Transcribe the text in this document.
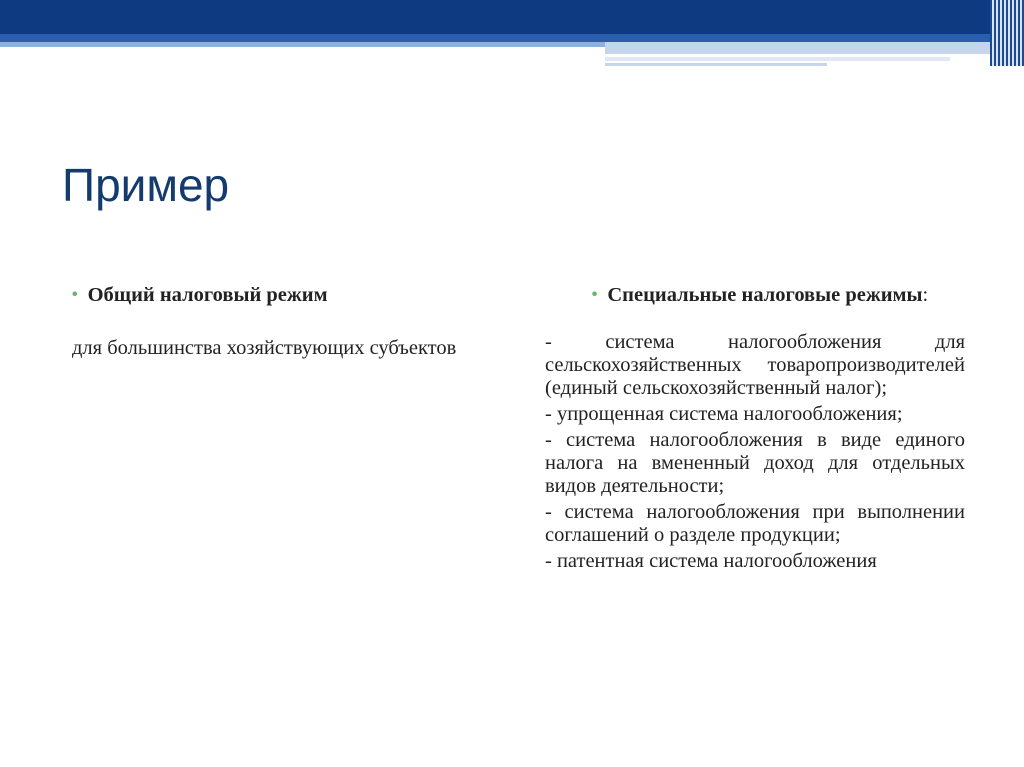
Пример

• Общий налоговый режим

для большинства хозяйствующих субъектов

• Специальные налоговые режимы:

- система налогообложения для сельскохозяйственных товаропроизводителей (единый сельскохозяйственный налог);
- упрощенная система налогообложения;
- система налогообложения в виде единого налога на вмененный доход для отдельных видов деятельности;
- система налогообложения при выполнении соглашений о разделе продукции;
- патентная система налогообложения
